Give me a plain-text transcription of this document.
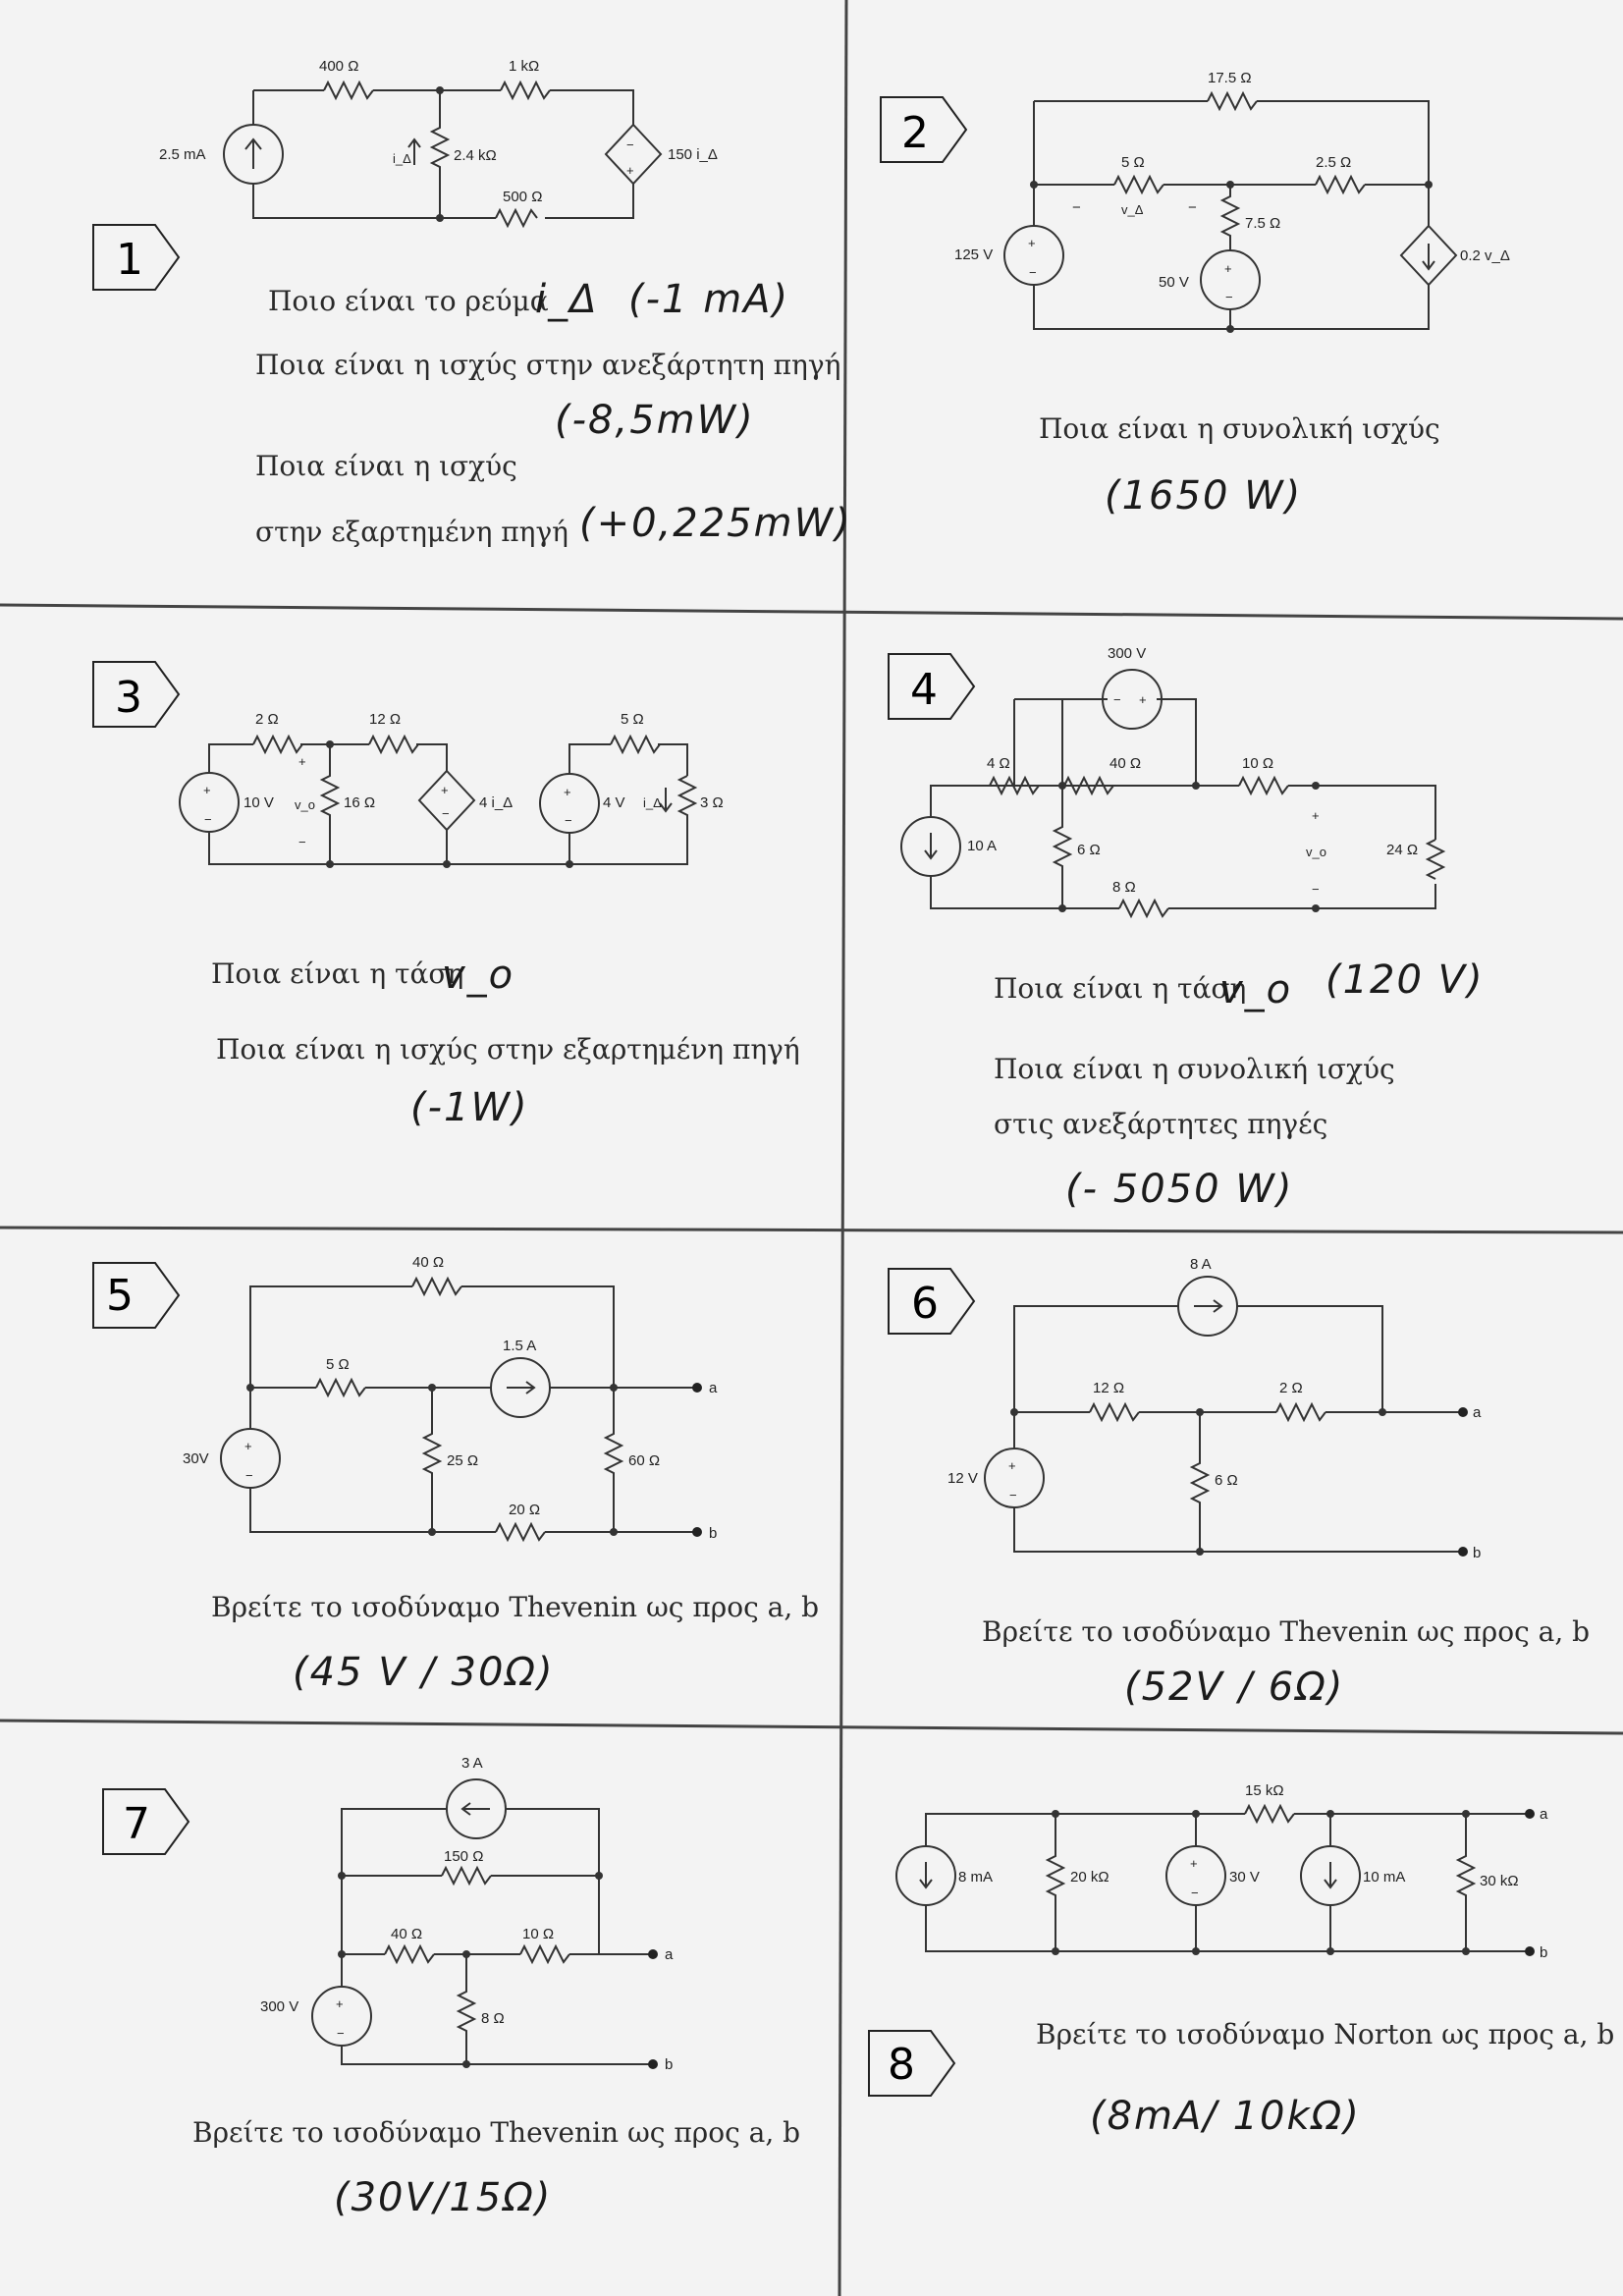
1
−
+
400 Ω	1 kΩ
2.5 mA	2.4 kΩ
500 Ω
i_Δ	150 i_Δ
Ποιο είναι το ρεύμα
i_Δ (-1 mA)
Ποια είναι η ισχύς στην ανεξάρτητη πηγή
(-8,5mW)
Ποια είναι η ισχύς
στην εξαρτημένη πηγή (+0,225mW)
2
+
−	+
−
−	−
17.5 Ω
5 Ω	2.5 Ω
v_Δ
7.5 Ω
125 V
50 V
0.2 v_Δ
Ποια είναι η συνολική ισχύς
(1650 W)
3
+
−
+
−
+
−
+
−
2 Ω	12 Ω	5 Ω
10 V v_o 16 Ω	4 i_Δ	4 V i_Δ	3 Ω
Ποια είναι η τάση
v_o
Ποια είναι η ισχύς στην εξαρτημένη πηγή
(-1W)
4	− +
+
−
300 V
4 Ω	40 Ω	10 Ω
10 A	6 Ω
8 Ω
v_o	24 Ω
Ποια είναι η τάση
v_o (120 V)
Ποια είναι η συνολική ισχύς
στις ανεξάρτητες πηγές
(- 5050 W)
5
+
−
40 Ω
5 Ω
1.5 A
30V	25 Ω	60 Ω
20 Ω
a
b
Βρείτε το ισοδύναμο Thevenin ως προς a, b
(45 V / 30Ω)
6
+
−
8 A
12 Ω	2 Ω
12 V	6 Ω
a
b
Βρείτε το ισοδύναμο Thevenin ως προς a, b
(52V / 6Ω)
7
+
−
3 A
150 Ω
40 Ω	10 Ω
300 V
8 Ω
a
b
Βρείτε το ισοδύναμο Thevenin ως προς a, b
(30V/15Ω)
8
+
−
15 kΩ
8 mA	20 kΩ	30 V	10 mA	30 kΩ
a
b
Βρείτε το ισοδύναμο Norton ως προς a, b
(8mA/ 10kΩ)
